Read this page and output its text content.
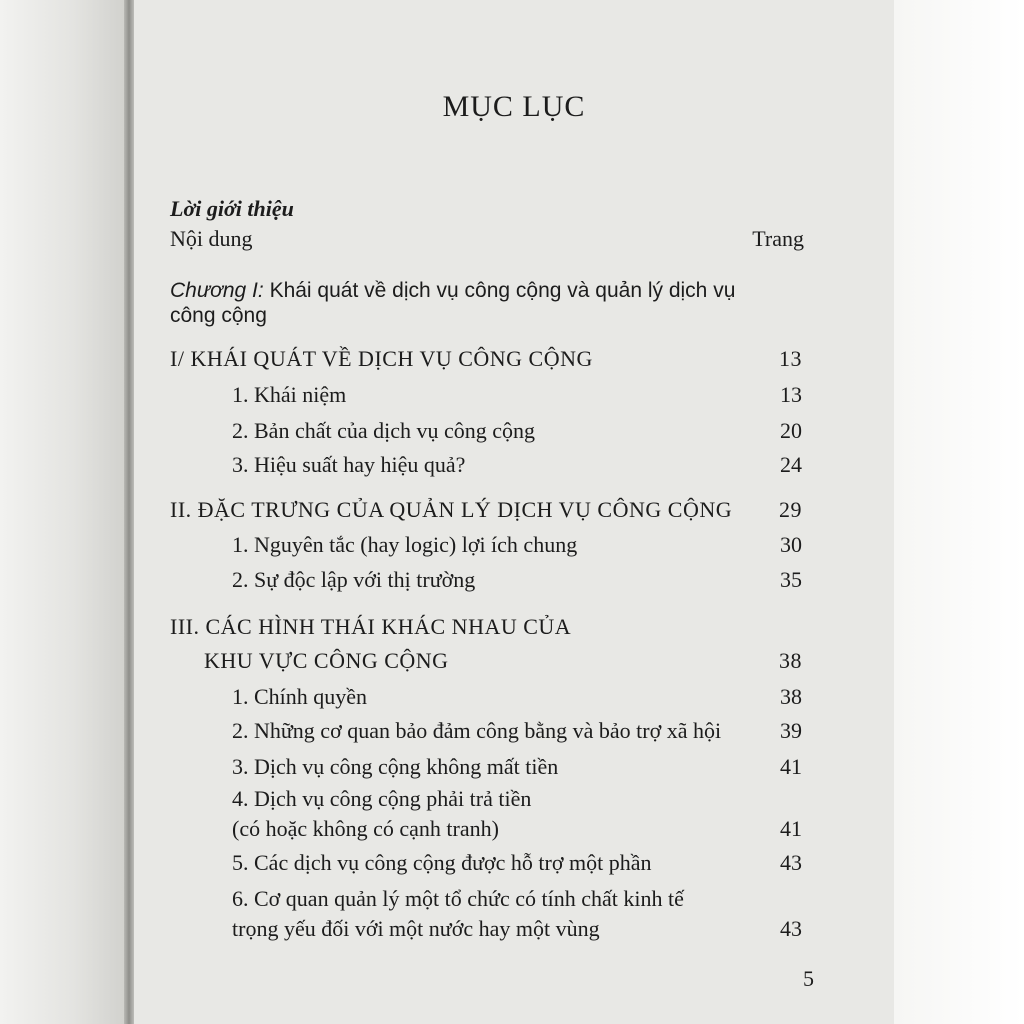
MỤC LỤC
Lời giới thiệu
Nội dung	Trang
Chương I: Khái quát về dịch vụ công cộng và quản lý dịch vụ
công cộng
I/ KHÁI QUÁT VỀ DỊCH VỤ CÔNG CỘNG	13
1. Khái niệm	13
2. Bản chất của dịch vụ công cộng	20
3. Hiệu suất hay hiệu quả?	24
II. ĐẶC TRƯNG CỦA QUẢN LÝ DỊCH VỤ CÔNG CỘNG 29
1. Nguyên tắc (hay logic) lợi ích chung	30
2. Sự độc lập với thị trường	35
III. CÁC HÌNH THÁI KHÁC NHAU CỦA
KHU VỰC CÔNG CỘNG	38
1. Chính quyền	38
2. Những cơ quan bảo đảm công bằng và bảo trợ xã hội	39
3. Dịch vụ công cộng không mất tiền	41
4. Dịch vụ công cộng phải trả tiền
(có hoặc không có cạnh tranh)	41
5. Các dịch vụ công cộng được hỗ trợ một phần	43
6. Cơ quan quản lý một tổ chức có tính chất kinh tế
trọng yếu đối với một nước hay một vùng	43
5
